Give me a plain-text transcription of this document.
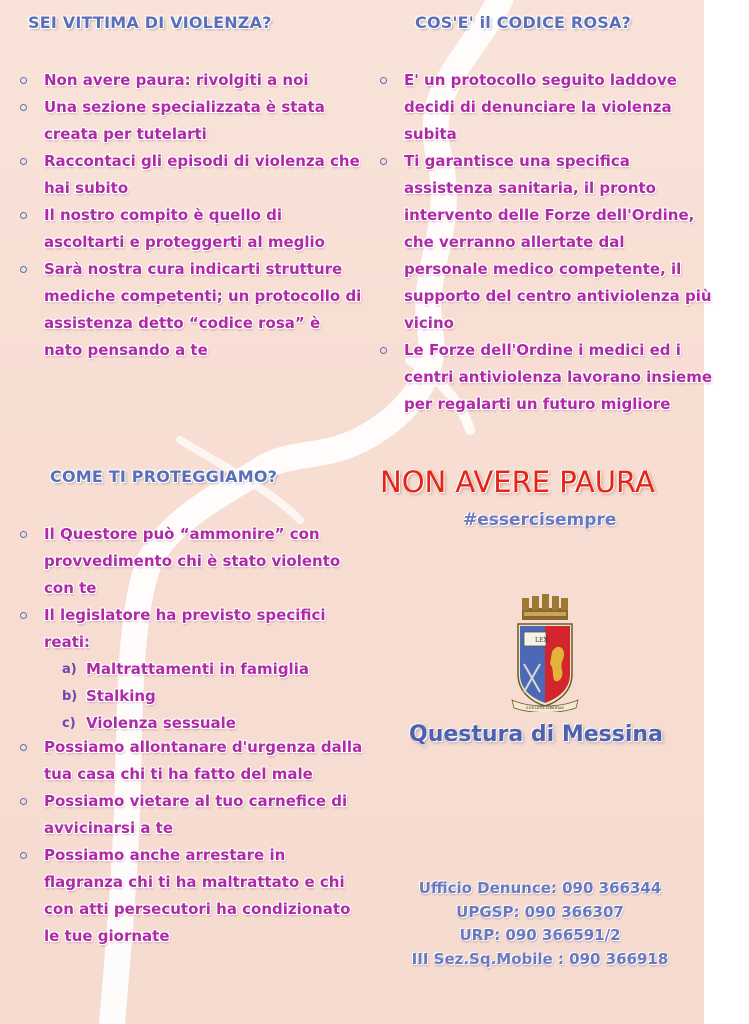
SEI VITTIMA DI VIOLENZA?
Non avere paura: rivolgiti a noi
Una sezione specializzata è stata creata per tutelarti
Raccontaci gli episodi di violenza che hai subito
Il nostro compito è quello di ascoltarti e proteggerti al meglio
Sarà nostra cura indicarti strutture mediche competenti; un protocollo di assistenza detto “codice rosa” è nato pensando a te
COS'E' il CODICE ROSA?
E' un protocollo seguito laddove decidi di denunciare la violenza subita
Ti garantisce una specifica assistenza sanitaria, il pronto intervento delle Forze dell'Ordine, che verranno allertate dal personale medico competente, il supporto del centro antiviolenza più vicino
Le Forze dell'Ordine i medici ed i centri antiviolenza lavorano insieme per regalarti un futuro migliore
COME TI PROTEGGIAMO?
Il Questore può “ammonire” con provvedimento chi è stato violento con te
Il legislatore ha previsto specifici reati:
a) Maltrattamenti in famiglia
b) Stalking
c) Violenza sessuale
Possiamo allontanare d'urgenza dalla tua casa chi ti ha fatto del male
Possiamo vietare al tuo carnefice di avvicinarsi a te
Possiamo anche arrestare in flagranza chi ti ha maltrattato e chi con atti persecutori ha condizionato le tue giornate
NON AVERE PAURA
#essercisempre
LEX
SUB LEGE LIBERTAS
Questura di Messina
Ufficio Denunce: 090 366344
UPGSP: 090 366307
URP: 090 366591/2
III Sez.Sq.Mobile : 090 366918
